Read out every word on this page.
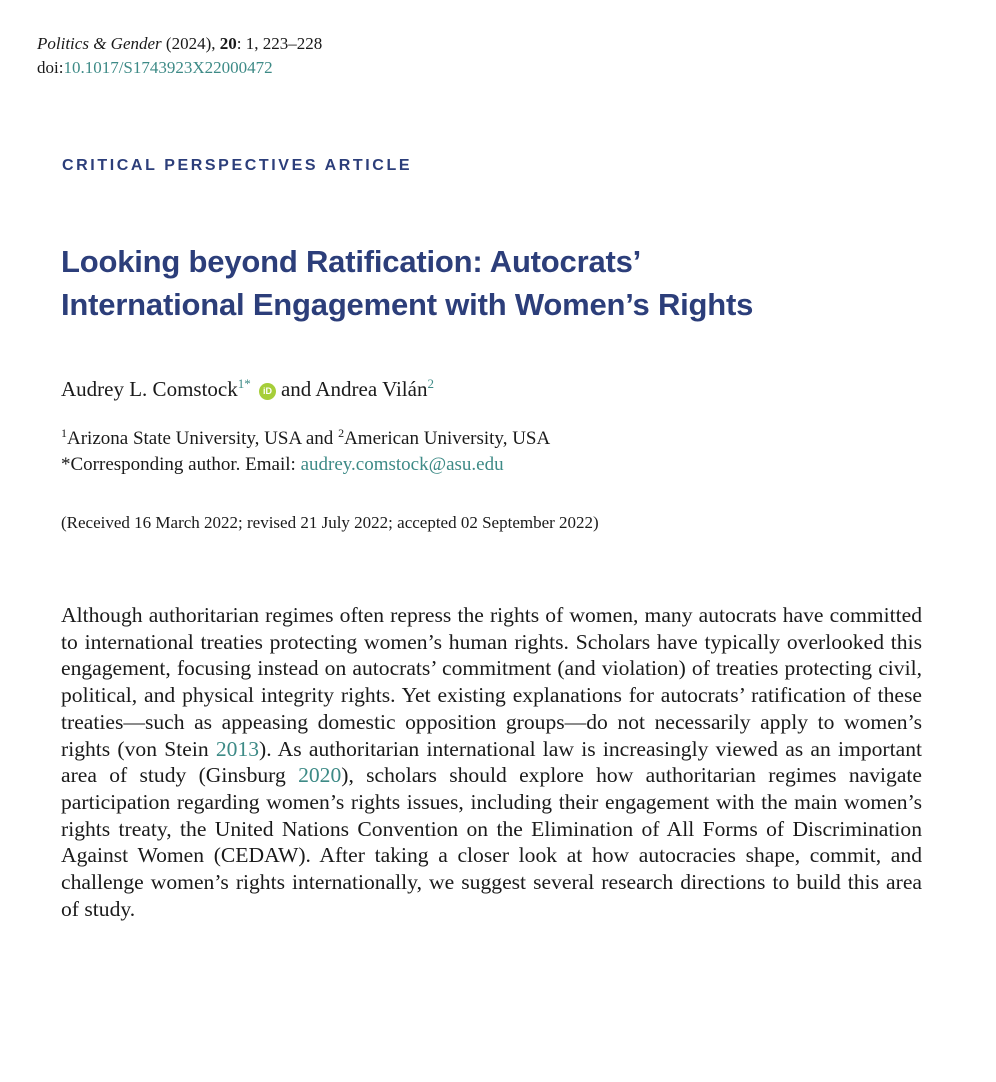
Politics & Gender (2024), 20: 1, 223–228
doi:10.1017/S1743923X22000472
CRITICAL PERSPECTIVES ARTICLE
Looking beyond Ratification: Autocrats’
International Engagement with Women’s Rights
Audrey L. Comstock$^{1*}$ iD and Andrea Vilán$^2$
$^1$Arizona State University, USA and $^2$American University, USA
*Corresponding author. Email: audrey.comstock@asu.edu
(Received 16 March 2022; revised 21 July 2022; accepted 02 September 2022)

Although authoritarian regimes often repress the rights of women, many autocrats have committed to international treaties protecting women’s human rights. Scholars have typically overlooked this engagement, focusing instead on autocrats’ commitment (and violation) of treaties protecting civil, political, and physical integrity rights. Yet existing explanations for autocrats’ ratification of these treaties—such as appeasing domestic opposition groups—do not necessarily apply to women’s rights (von Stein 2013). As authoritarian international law is increasingly viewed as an important area of study (Ginsburg 2020), scholars should explore how authoritarian regimes navigate participation regarding women’s rights issues, including their engagement with the main women’s rights treaty, the United Nations Convention on the Elimination of All Forms of Discrimination Against Women (CEDAW). After taking a closer look at how autocracies shape, commit, and challenge women’s rights internationally, we suggest several research directions to build this area of study.
